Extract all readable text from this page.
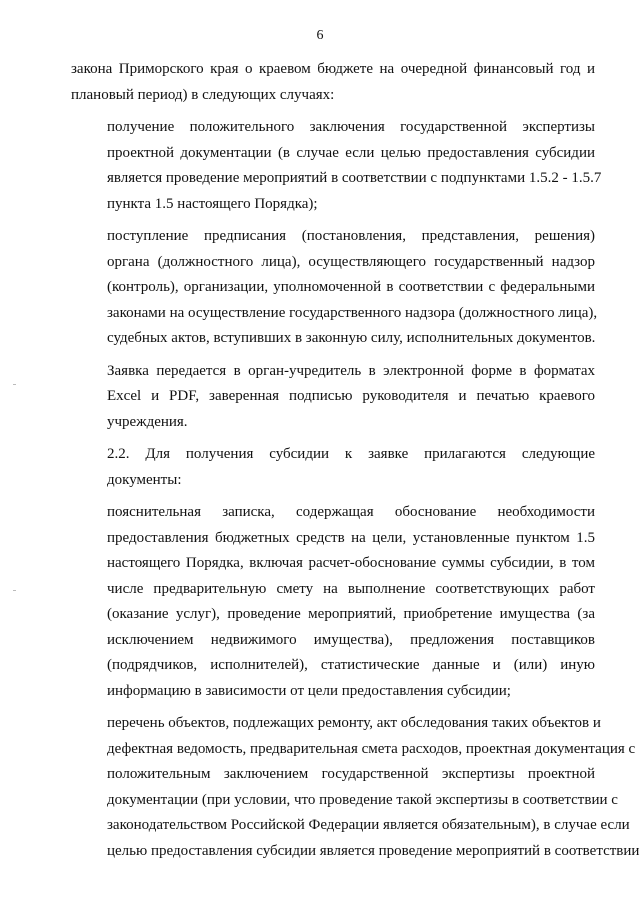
6

закона Приморского края о краевом бюджете на очередной финансовый год и
плановый период) в следующих случаях:

получение положительного заключения государственной экспертизы
проектной документации (в случае если целью предоставления субсидии
является проведение мероприятий в соответствии с подпунктами 1.5.2 - 1.5.7
пункта 1.5 настоящего Порядка);

поступление предписания (постановления, представления, решения)
органа (должностного лица), осуществляющего государственный надзор
(контроль), организации, уполномоченной в соответствии с федеральными
законами на осуществление государственного надзора (должностного лица),
судебных актов, вступивших в законную силу, исполнительных документов.

Заявка передается в орган-учредитель в электронной форме в форматах
Excel и PDF, заверенная подписью руководителя и печатью краевого
учреждения.

2.2. Для получения субсидии к заявке прилагаются следующие
документы:

пояснительная записка, содержащая обоснование необходимости
предоставления бюджетных средств на цели, установленные пунктом 1.5
настоящего Порядка, включая расчет-обоснование суммы субсидии, в том
числе предварительную смету на выполнение соответствующих работ
(оказание услуг), проведение мероприятий, приобретение имущества (за
исключением недвижимого имущества), предложения поставщиков
(подрядчиков, исполнителей), статистические данные и (или) иную
информацию в зависимости от цели предоставления субсидии;

перечень объектов, подлежащих ремонту, акт обследования таких объектов и
дефектная ведомость, предварительная смета расходов, проектная документация с
положительным заключением государственной экспертизы проектной
документации (при условии, что проведение такой экспертизы в соответствии с
законодательством Российской Федерации является обязательным), в случае если
целью предоставления субсидии является проведение мероприятий в соответствии
